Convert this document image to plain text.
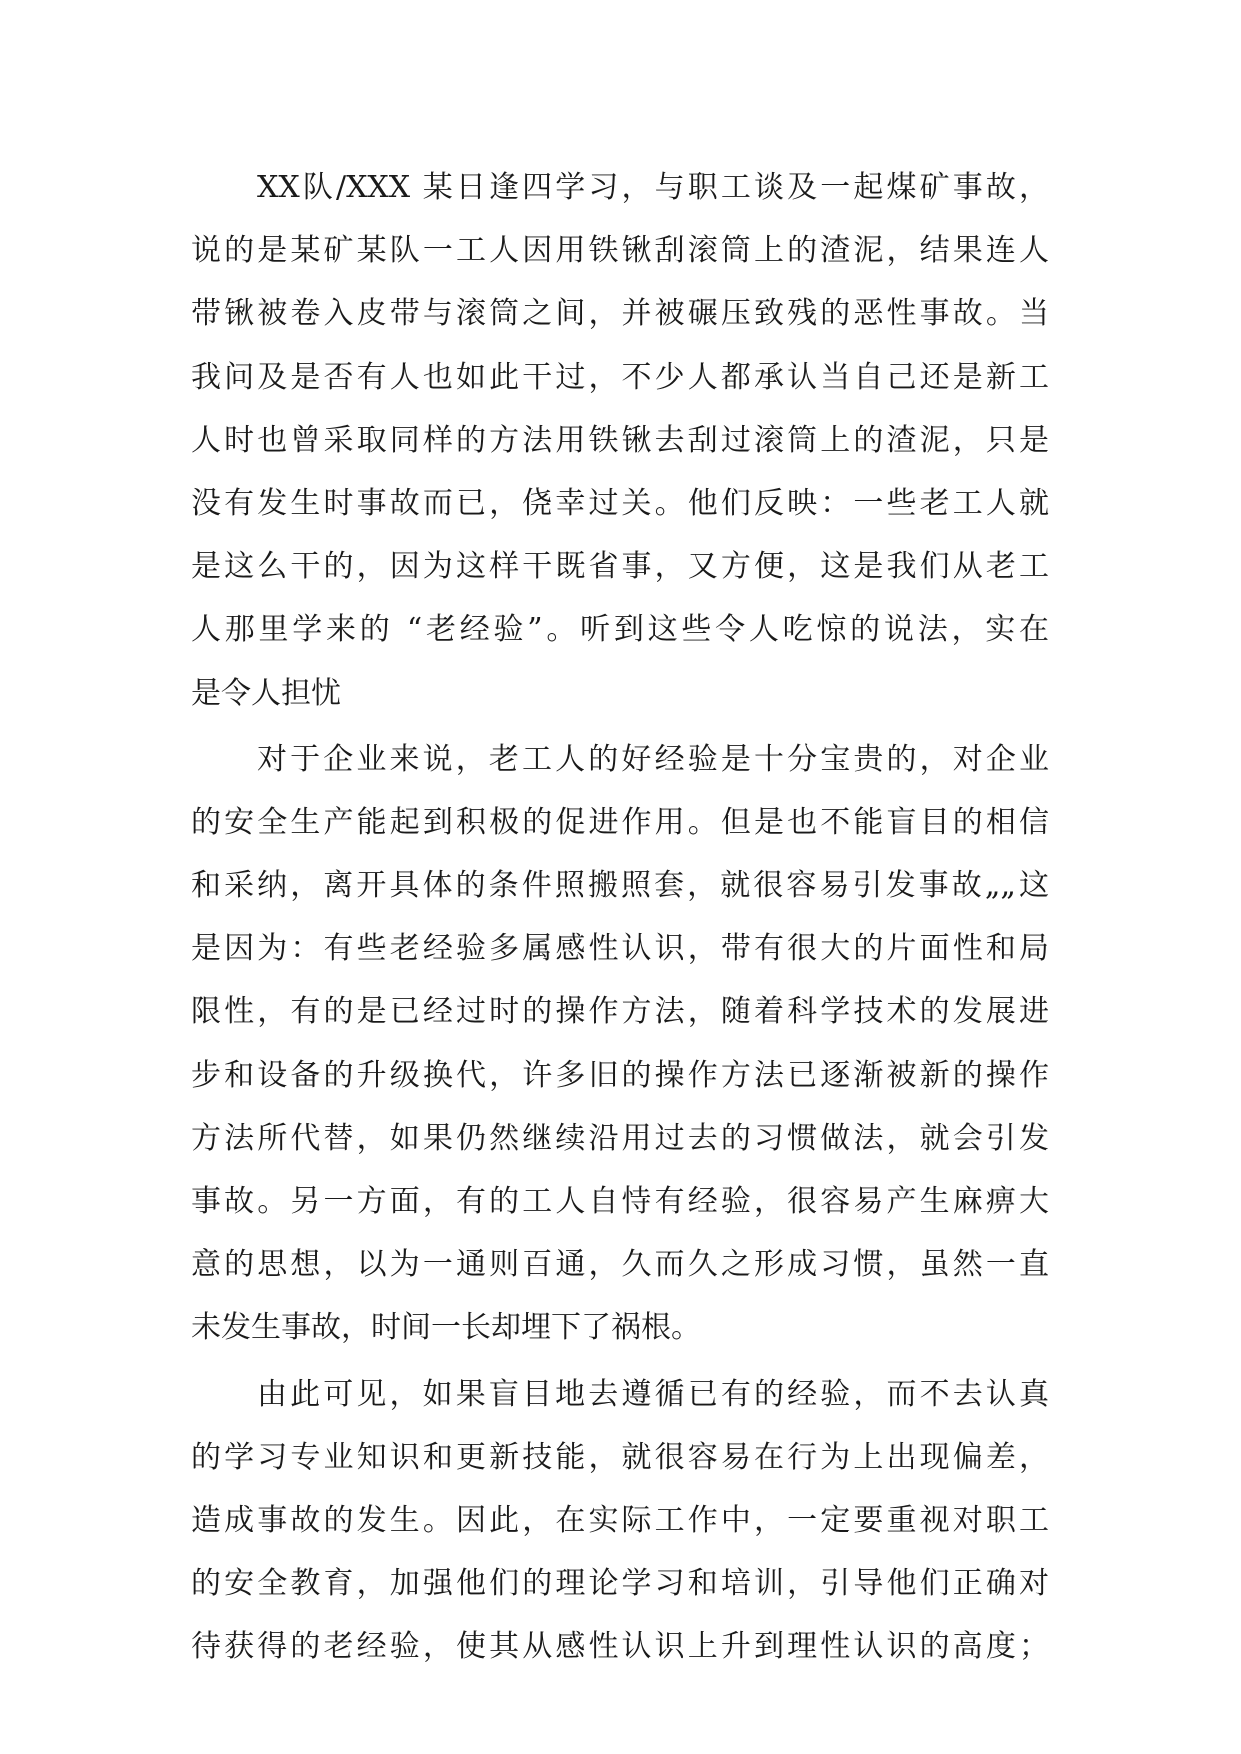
XX队/XXX 某日逢四学习，与职工谈及一起煤矿事故，
说的是某矿某队一工人因用铁锹刮滚筒上的渣泥，结果连人
带锹被卷入皮带与滚筒之间，并被碾压致残的恶性事故。当
我问及是否有人也如此干过，不少人都承认当自己还是新工
人时也曾采取同样的方法用铁锹去刮过滚筒上的渣泥，只是
没有发生时事故而已，侥幸过关。他们反映：一些老工人就
是这么干的，因为这样干既省事，又方便，这是我们从老工
人那里学来的 “老经验”。听到这些令人吃惊的说法，实在
是令人担忧
对于企业来说，老工人的好经验是十分宝贵的，对企业
的安全生产能起到积极的促进作用。但是也不能盲目的相信
和采纳，离开具体的条件照搬照套，就很容易引发事故„„这
是因为：有些老经验多属感性认识，带有很大的片面性和局
限性，有的是已经过时的操作方法，随着科学技术的发展进
步和设备的升级换代，许多旧的操作方法已逐渐被新的操作
方法所代替，如果仍然继续沿用过去的习惯做法，就会引发
事故。另一方面，有的工人自恃有经验，很容易产生麻痹大
意的思想，以为一通则百通，久而久之形成习惯，虽然一直
未发生事故，时间一长却埋下了祸根。
由此可见，如果盲目地去遵循已有的经验，而不去认真
的学习专业知识和更新技能，就很容易在行为上出现偏差，
造成事故的发生。因此，在实际工作中，一定要重视对职工
的安全教育，加强他们的理论学习和培训，引导他们正确对
待获得的老经验，使其从感性认识上升到理性认识的高度；
